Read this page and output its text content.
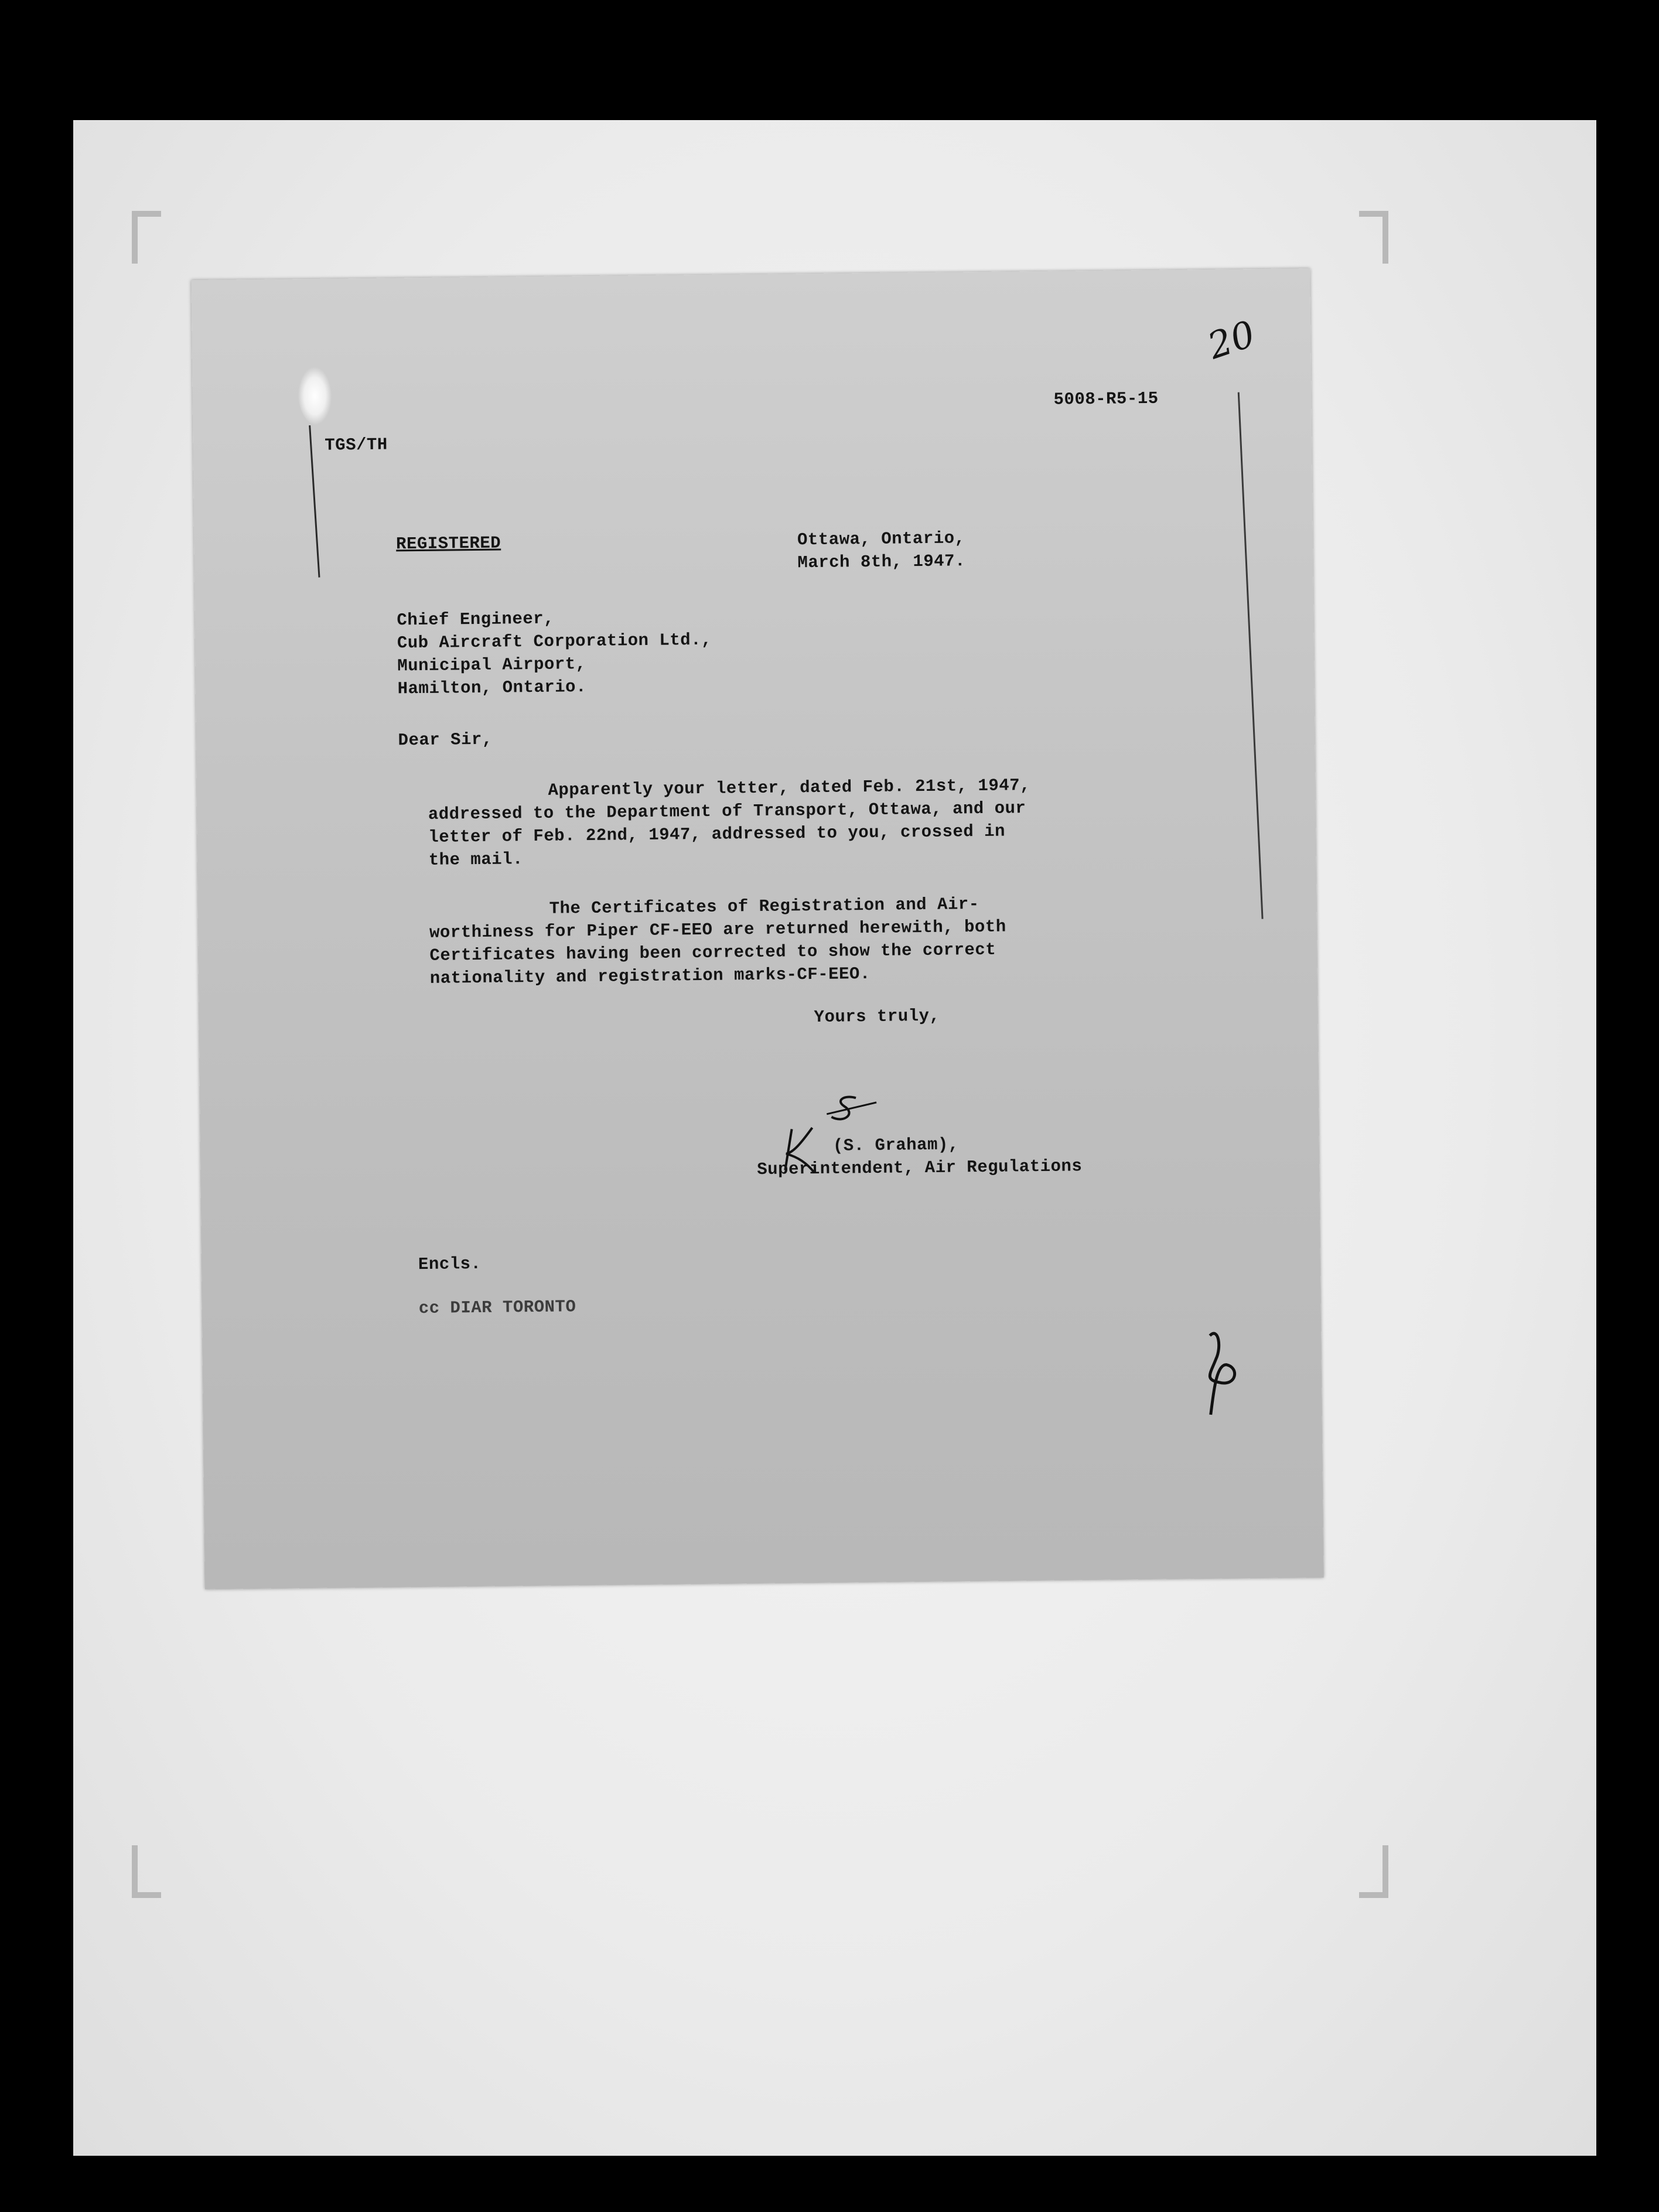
20
5008-R5-15
TGS/TH
REGISTERED	Ottawa, Ontario,
March 8th, 1947.
Chief Engineer,
Cub Aircraft Corporation Ltd.,
Municipal Airport,
Hamilton, Ontario.
Dear Sir,
Apparently your letter, dated Feb. 21st, 1947,
addressed to the Department of Transport, Ottawa, and our
letter of Feb. 22nd, 1947, addressed to you, crossed in
the mail.
The Certificates of Registration and Air-
worthiness for Piper CF-EEO are returned herewith, both
Certificates having been corrected to show the correct
nationality and registration marks-CF-EEO.
Yours truly,
(S. Graham),
Superintendent, Air Regulations
Encls.
cc DIAR TORONTO
